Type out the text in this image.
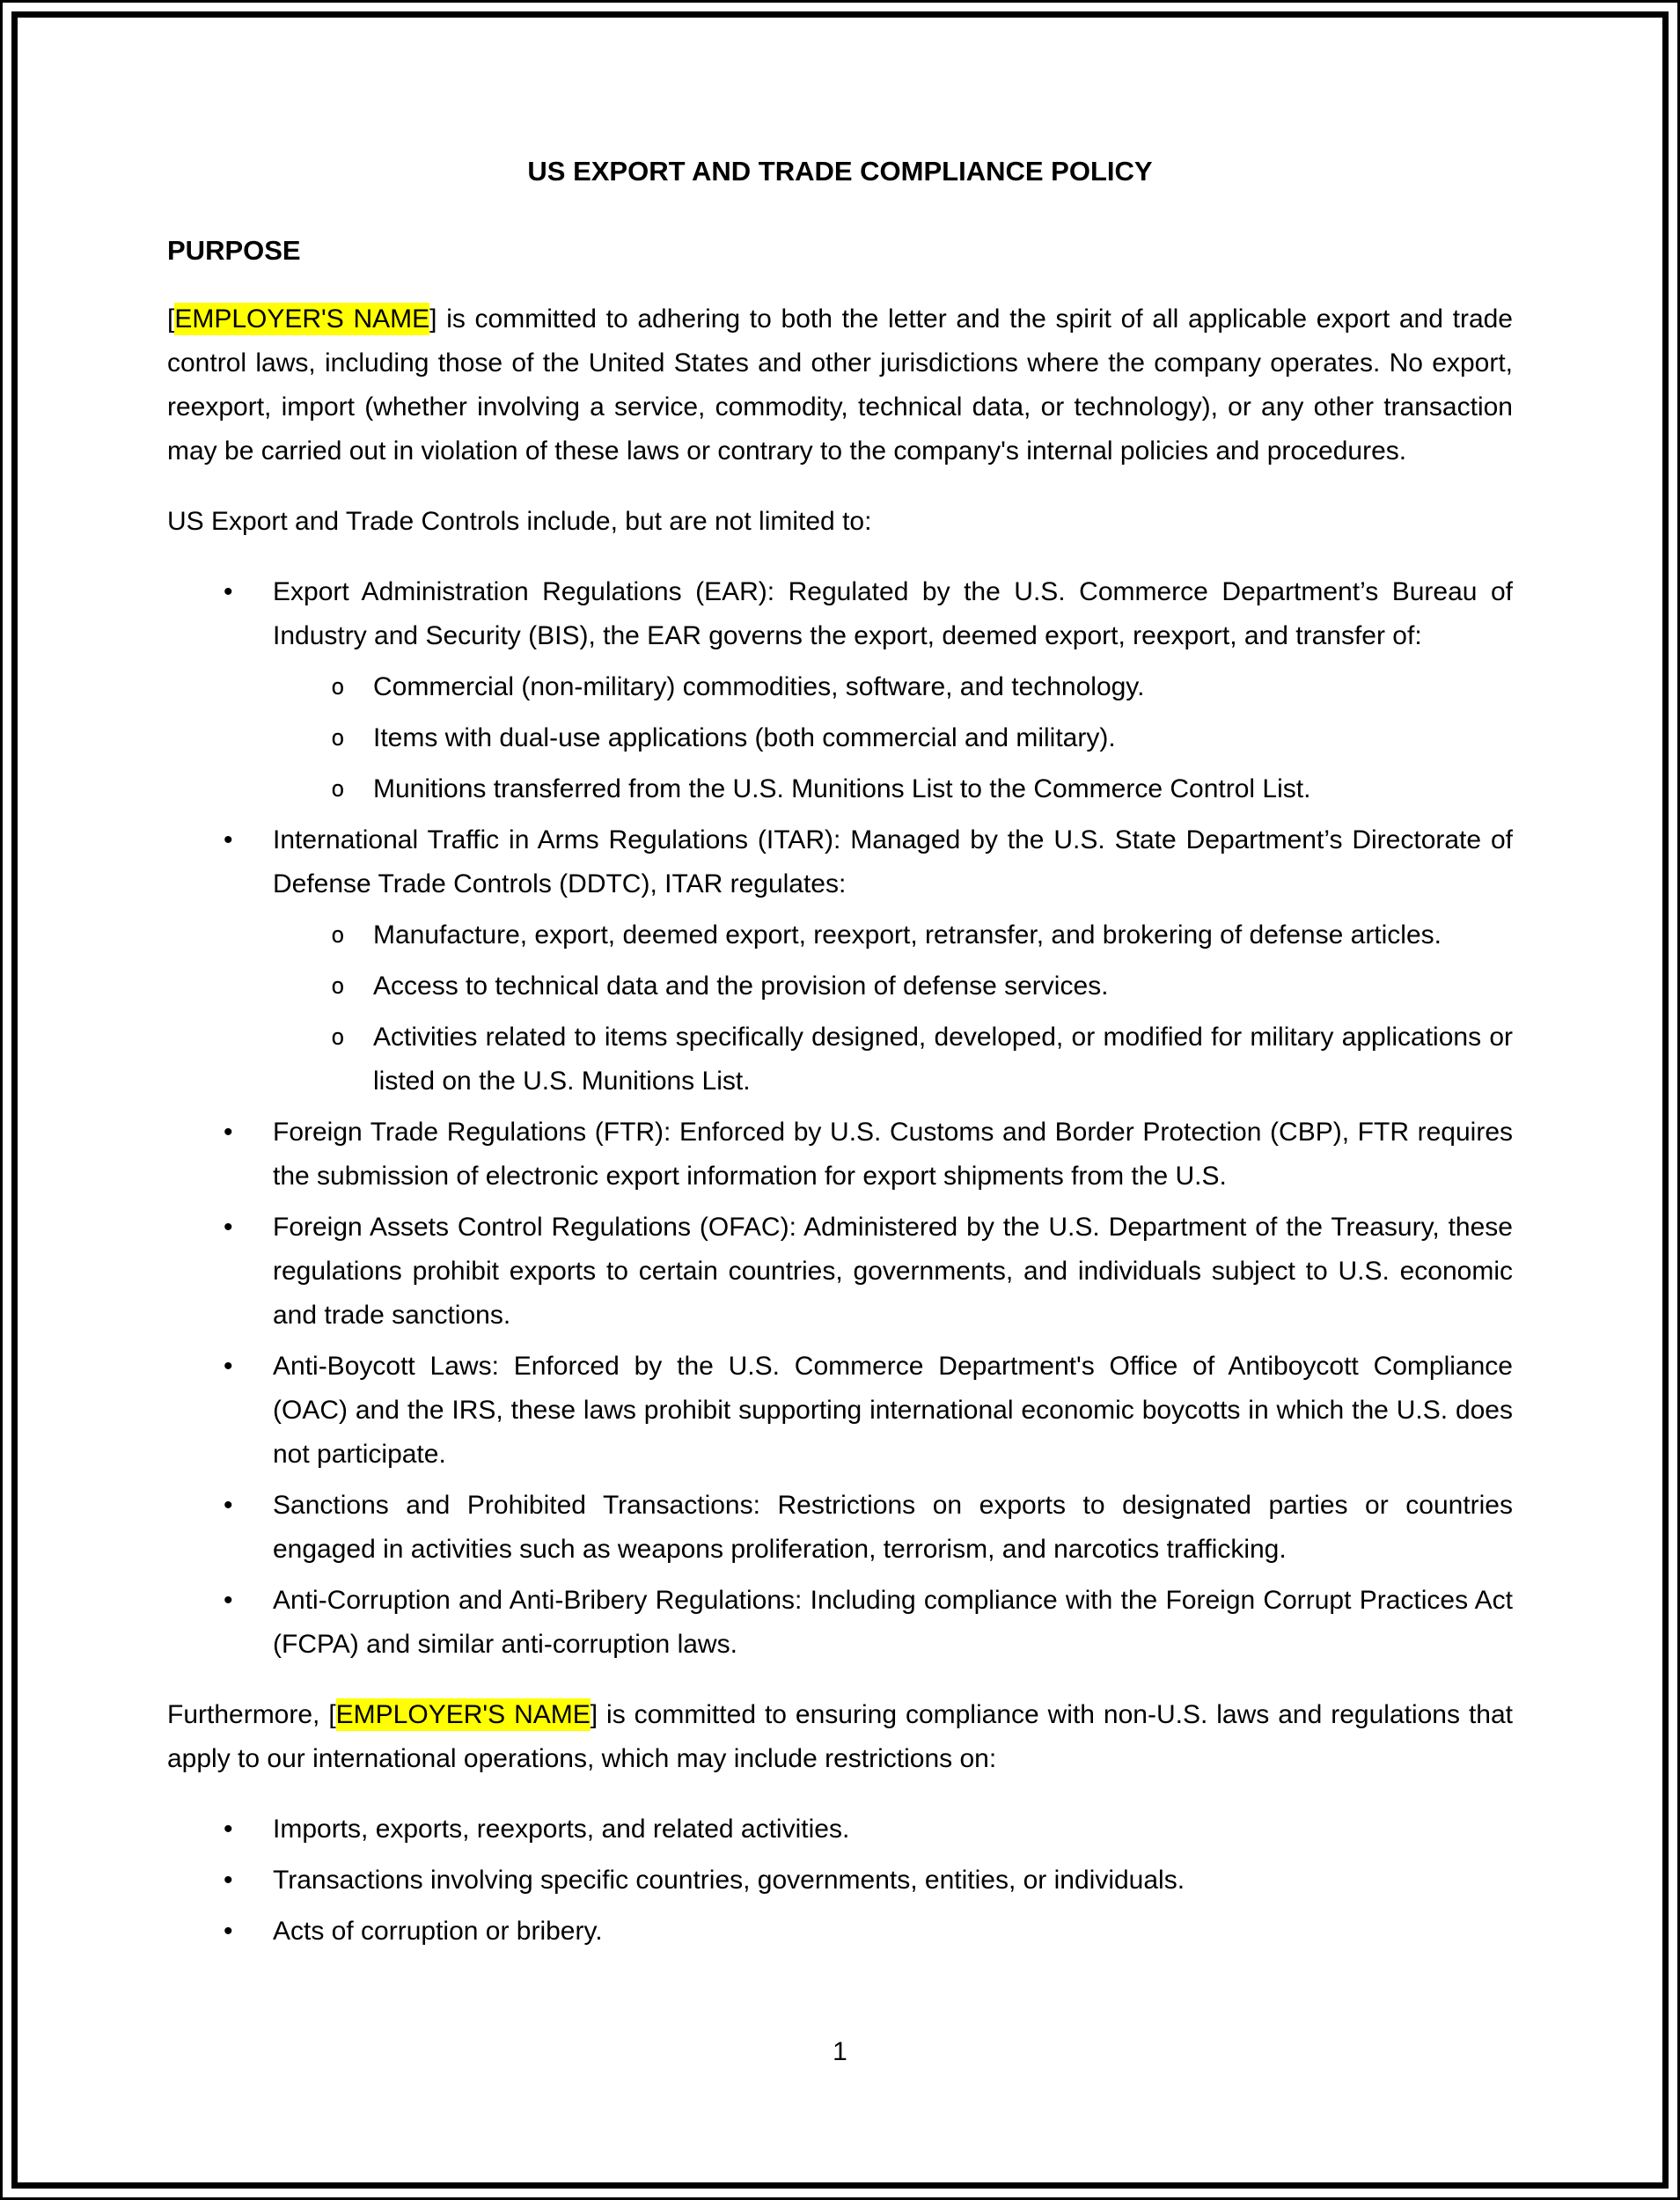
US EXPORT AND TRADE COMPLIANCE POLICY
PURPOSE

[EMPLOYER'S NAME] is committed to adhering to both the letter and the spirit of all applicable export and trade control laws, including those of the United States and other jurisdictions where the company operates. No export, reexport, import (whether involving a service, commodity, technical data, or technology), or any other transaction may be carried out in violation of these laws or contrary to the company's internal policies and procedures.

US Export and Trade Controls include, but are not limited to:

• Export Administration Regulations (EAR): Regulated by the U.S. Commerce Department’s Bureau of Industry and Security (BIS), the EAR governs the export, deemed export, reexport, and transfer of:
o Commercial (non-military) commodities, software, and technology.
o Items with dual-use applications (both commercial and military).
o Munitions transferred from the U.S. Munitions List to the Commerce Control List.
• International Traffic in Arms Regulations (ITAR): Managed by the U.S. State Department’s Directorate of Defense Trade Controls (DDTC), ITAR regulates:
o Manufacture, export, deemed export, reexport, retransfer, and brokering of defense articles.
o Access to technical data and the provision of defense services.
o Activities related to items specifically designed, developed, or modified for military applications or listed on the U.S. Munitions List.
• Foreign Trade Regulations (FTR): Enforced by U.S. Customs and Border Protection (CBP), FTR requires the submission of electronic export information for export shipments from the U.S.
• Foreign Assets Control Regulations (OFAC): Administered by the U.S. Department of the Treasury, these regulations prohibit exports to certain countries, governments, and individuals subject to U.S. economic and trade sanctions.
• Anti-Boycott Laws: Enforced by the U.S. Commerce Department's Office of Antiboycott Compliance (OAC) and the IRS, these laws prohibit supporting international economic boycotts in which the U.S. does not participate.
• Sanctions and Prohibited Transactions: Restrictions on exports to designated parties or countries engaged in activities such as weapons proliferation, terrorism, and narcotics trafficking.
• Anti-Corruption and Anti-Bribery Regulations: Including compliance with the Foreign Corrupt Practices Act (FCPA) and similar anti-corruption laws.

Furthermore, [EMPLOYER'S NAME] is committed to ensuring compliance with non-U.S. laws and regulations that apply to our international operations, which may include restrictions on:

• Imports, exports, reexports, and related activities.
• Transactions involving specific countries, governments, entities, or individuals.
• Acts of corruption or bribery.
1
